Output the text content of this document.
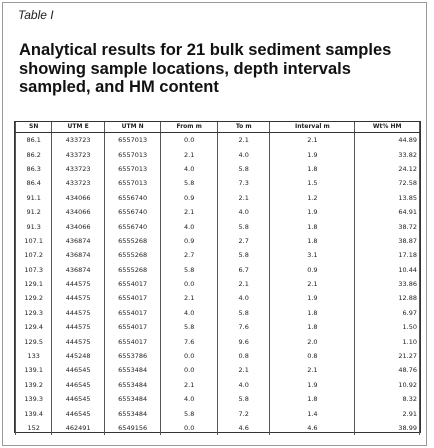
Table I
Analytical results for 21 bulk sediment samples showing sample locations, depth intervals sampled, and HM content
SN	UTM E	UTM N	From m	To m	Interval m	Wt% HM
86.1	433723	6557013	0.0	2.1	2.1	44.89
86.2	433723	6557013	2.1	4.0	1.9	33.82
86.3	433723	6557013	4.0	5.8	1.8	24.12
86.4	433723	6557013	5.8	7.3	1.5	72.58
91.1	434066	6556740	0.9	2.1	1.2	13.85
91.2	434066	6556740	2.1	4.0	1.9	64.91
91.3	434066	6556740	4.0	5.8	1.8	38.72
107.1	436874	6555268	0.9	2.7	1.8	38.87
107.2	436874	6555268	2.7	5.8	3.1	17.18
107.3	436874	6555268	5.8	6.7	0.9	10.44
129.1	444575	6554017	0.0	2.1	2.1	33.86
129.2	444575	6554017	2.1	4.0	1.9	12.88
129.3	444575	6554017	4.0	5.8	1.8	6.97
129.4	444575	6554017	5.8	7.6	1.8	1.50
129.5	444575	6554017	7.6	9.6	2.0	1.10
133	445248	6553786	0.0	0.8	0.8	21.27
139.1	446545	6553484	0.0	2.1	2.1	48.76
139.2	446545	6553484	2.1	4.0	1.9	10.92
139.3	446545	6553484	4.0	5.8	1.8	8.32
139.4	446545	6553484	5.8	7.2	1.4	2.91
152	462491	6549156	0.0	4.6	4.6	38.99
